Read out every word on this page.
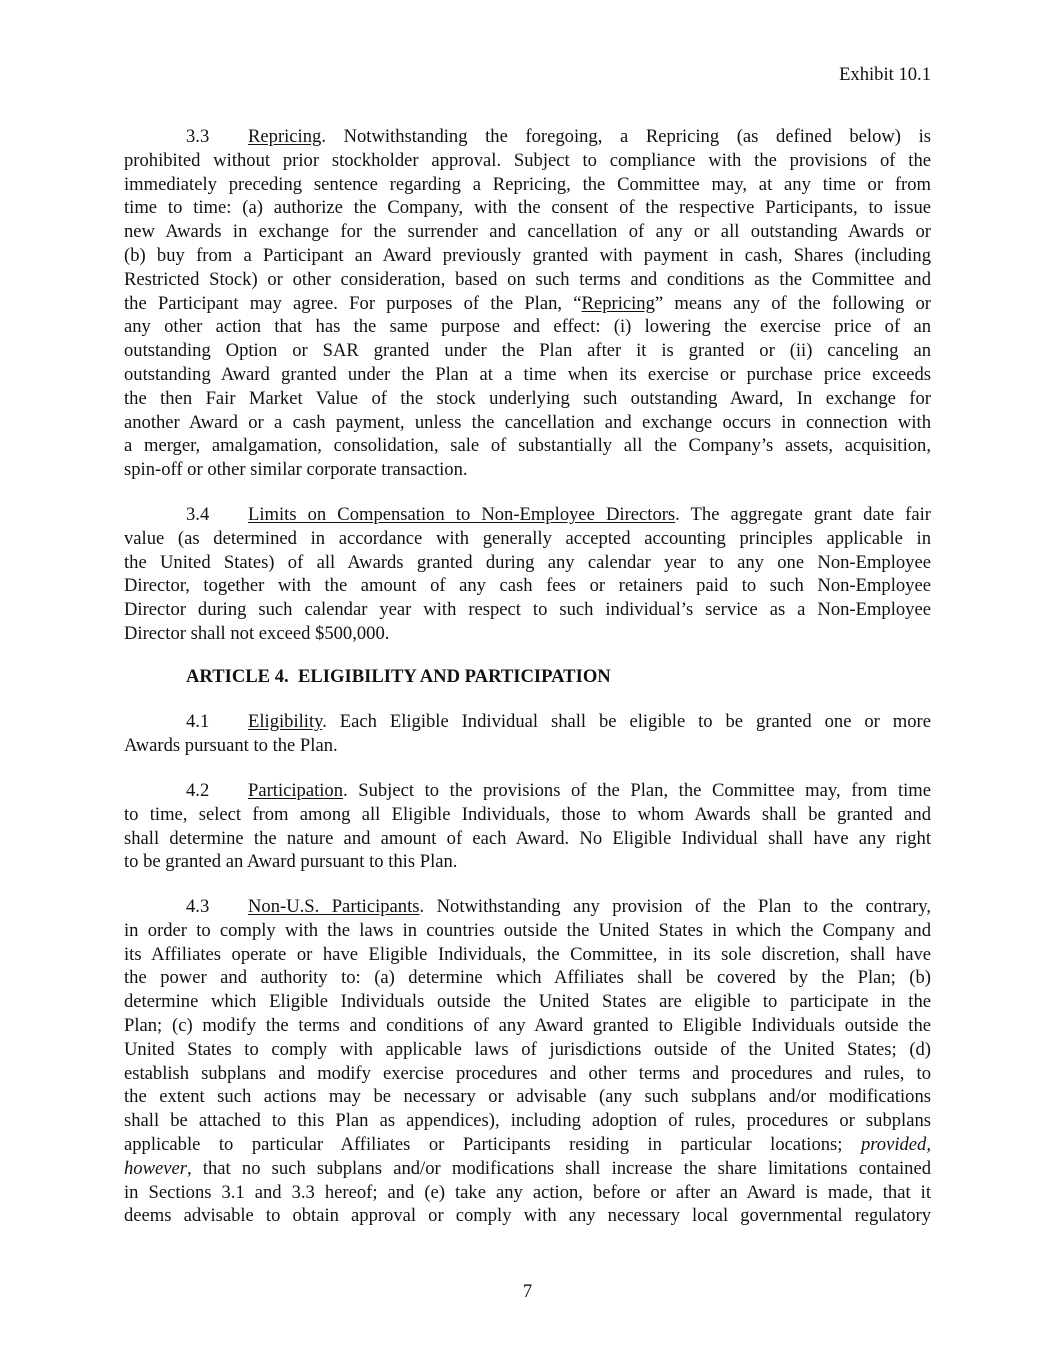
Exhibit 10.1
3.3 Repricing. Notwithstanding the foregoing, a Repricing (as defined below) is
prohibited without prior stockholder approval. Subject to compliance with the provisions of the
immediately preceding sentence regarding a Repricing, the Committee may, at any time or from
time to time: (a) authorize the Company, with the consent of the respective Participants, to issue
new Awards in exchange for the surrender and cancellation of any or all outstanding Awards or
(b) buy from a Participant an Award previously granted with payment in cash, Shares (including
Restricted Stock) or other consideration, based on such terms and conditions as the Committee and
the Participant may agree. For purposes of the Plan, “Repricing” means any of the following or
any other action that has the same purpose and effect: (i) lowering the exercise price of an
outstanding Option or SAR granted under the Plan after it is granted or (ii) canceling an
outstanding Award granted under the Plan at a time when its exercise or purchase price exceeds
the then Fair Market Value of the stock underlying such outstanding Award, In exchange for
another Award or a cash payment, unless the cancellation and exchange occurs in connection with
a merger, amalgamation, consolidation, sale of substantially all the Company’s assets, acquisition,
spin-off or other similar corporate transaction.
3.4 Limits on Compensation to Non-Employee Directors. The aggregate grant date fair
value (as determined in accordance with generally accepted accounting principles applicable in
the United States) of all Awards granted during any calendar year to any one Non-Employee
Director, together with the amount of any cash fees or retainers paid to such Non-Employee
Director during such calendar year with respect to such individual’s service as a Non-Employee
Director shall not exceed $500,000.
ARTICLE 4.  ELIGIBILITY AND PARTICIPATION
4.1 Eligibility. Each Eligible Individual shall be eligible to be granted one or more
Awards pursuant to the Plan.
4.2 Participation. Subject to the provisions of the Plan, the Committee may, from time
to time, select from among all Eligible Individuals, those to whom Awards shall be granted and
shall determine the nature and amount of each Award. No Eligible Individual shall have any right
to be granted an Award pursuant to this Plan.
4.3 Non-U.S. Participants. Notwithstanding any provision of the Plan to the contrary,
in order to comply with the laws in countries outside the United States in which the Company and
its Affiliates operate or have Eligible Individuals, the Committee, in its sole discretion, shall have
the power and authority to: (a) determine which Affiliates shall be covered by the Plan; (b)
determine which Eligible Individuals outside the United States are eligible to participate in the
Plan; (c) modify the terms and conditions of any Award granted to Eligible Individuals outside the
United States to comply with applicable laws of jurisdictions outside of the United States; (d)
establish subplans and modify exercise procedures and other terms and procedures and rules, to
the extent such actions may be necessary or advisable (any such subplans and/or modifications
shall be attached to this Plan as appendices), including adoption of rules, procedures or subplans
applicable to particular Affiliates or Participants residing in particular locations; provided,
however, that no such subplans and/or modifications shall increase the share limitations contained
in Sections 3.1 and 3.3 hereof; and (e) take any action, before or after an Award is made, that it
deems advisable to obtain approval or comply with any necessary local governmental regulatory
7
